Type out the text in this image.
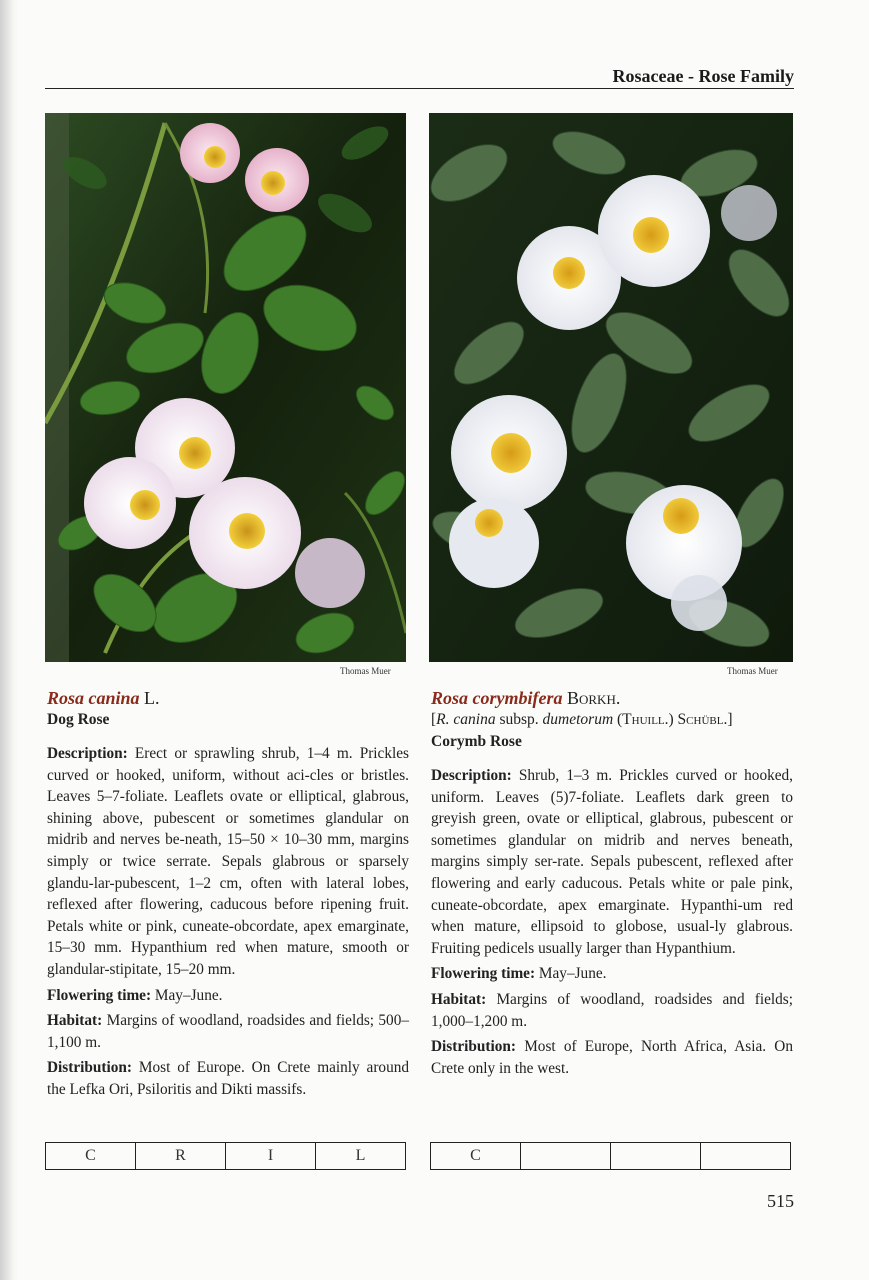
Rosaceae - Rose Family
Thomas Muer	Thomas Muer
Rosa canina L.
Dog Rose

Description: Erect or sprawling shrub, 1–4 m. Prickles curved or hooked, uniform, without aci-cles or bristles. Leaves 5–7-foliate. Leaflets ovate or elliptical, glabrous, shining above, pubescent or sometimes glandular on midrib and nerves be-neath, 15–50 × 10–30 mm, margins simply or twice serrate. Sepals glabrous or sparsely glandu-lar-pubescent, 1–2 cm, often with lateral lobes, reflexed after flowering, caducous before ripening fruit. Petals white or pink, cuneate-obcordate, apex emarginate, 15–30 mm. Hypanthium red when mature, smooth or glandular-stipitate, 15–20 mm.

Flowering time: May–June.

Habitat: Margins of woodland, roadsides and fields; 500–1,100 m.

Distribution: Most of Europe. On Crete mainly around the Lefka Ori, Psiloritis and Dikti massifs.

Rosa corymbifera Borkh.
[R. canina subsp. dumetorum (Thuill.) Schübl.]
Corymb Rose

Description: Shrub, 1–3 m. Prickles curved or hooked, uniform. Leaves (5)7-foliate. Leaflets dark green to greyish green, ovate or elliptical, glabrous, pubescent or sometimes glandular on midrib and nerves beneath, margins simply ser-rate. Sepals pubescent, reflexed after flowering and early caducous. Petals white or pale pink, cuneate-obcordate, apex emarginate. Hypanthi-um red when mature, ellipsoid to globose, usual-ly glabrous. Fruiting pedicels usually larger than Hypanthium.

Flowering time: May–June.

Habitat: Margins of woodland, roadsides and fields; 1,000–1,200 m.

Distribution: Most of Europe, North Africa, Asia. On Crete only in the west.

C	R	I	L	C			
515
